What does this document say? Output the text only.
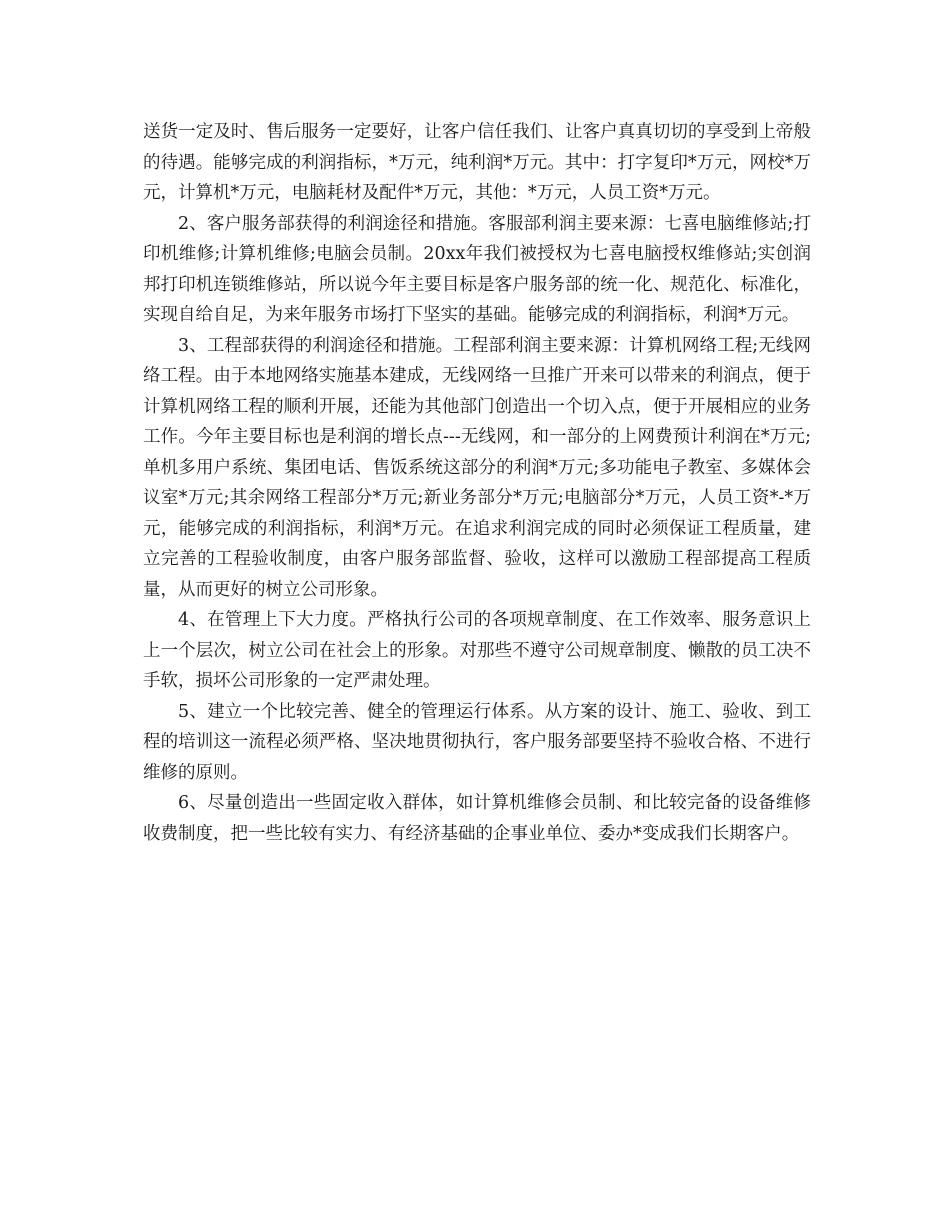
送货一定及时、售后服务一定要好，让客户信任我们、让客户真真切切的享受到上帝般的待遇。能够完成的利润指标，*万元，纯利润*万元。其中：打字复印*万元，网校*万元，计算机*万元，电脑耗材及配件*万元，其他：*万元，人员工资*万元。

2、客户服务部获得的利润途径和措施。客服部利润主要来源：七喜电脑维修站;打印机维修;计算机维修;电脑会员制。20xx年我们被授权为七喜电脑授权维修站;实创润邦打印机连锁维修站，所以说今年主要目标是客户服务部的统一化、规范化、标准化，实现自给自足，为来年服务市场打下坚实的基础。能够完成的利润指标，利润*万元。

3、工程部获得的利润途径和措施。工程部利润主要来源：计算机网络工程;无线网络工程。由于本地网络实施基本建成，无线网络一旦推广开来可以带来的利润点，便于计算机网络工程的顺利开展，还能为其他部门创造出一个切入点，便于开展相应的业务工作。今年主要目标也是利润的增长点---无线网，和一部分的上网费预计利润在*万元;单机多用户系统、集团电话、售饭系统这部分的利润*万元;多功能电子教室、多媒体会议室*万元;其余网络工程部分*万元;新业务部分*万元;电脑部分*万元，人员工资*-*万元，能够完成的利润指标，利润*万元。在追求利润完成的同时必须保证工程质量，建立完善的工程验收制度，由客户服务部监督、验收，这样可以激励工程部提高工程质量，从而更好的树立公司形象。

4、在管理上下大力度。严格执行公司的各项规章制度、在工作效率、服务意识上上一个层次，树立公司在社会上的形象。对那些不遵守公司规章制度、懒散的员工决不手软，损坏公司形象的一定严肃处理。

5、建立一个比较完善、健全的管理运行体系。从方案的设计、施工、验收、到工程的培训这一流程必须严格、坚决地贯彻执行，客户服务部要坚持不验收合格、不进行维修的原则。

6、尽量创造出一些固定收入群体，如计算机维修会员制、和比较完备的设备维修收费制度，把一些比较有实力、有经济基础的企事业单位、委办*变成我们长期客户。
